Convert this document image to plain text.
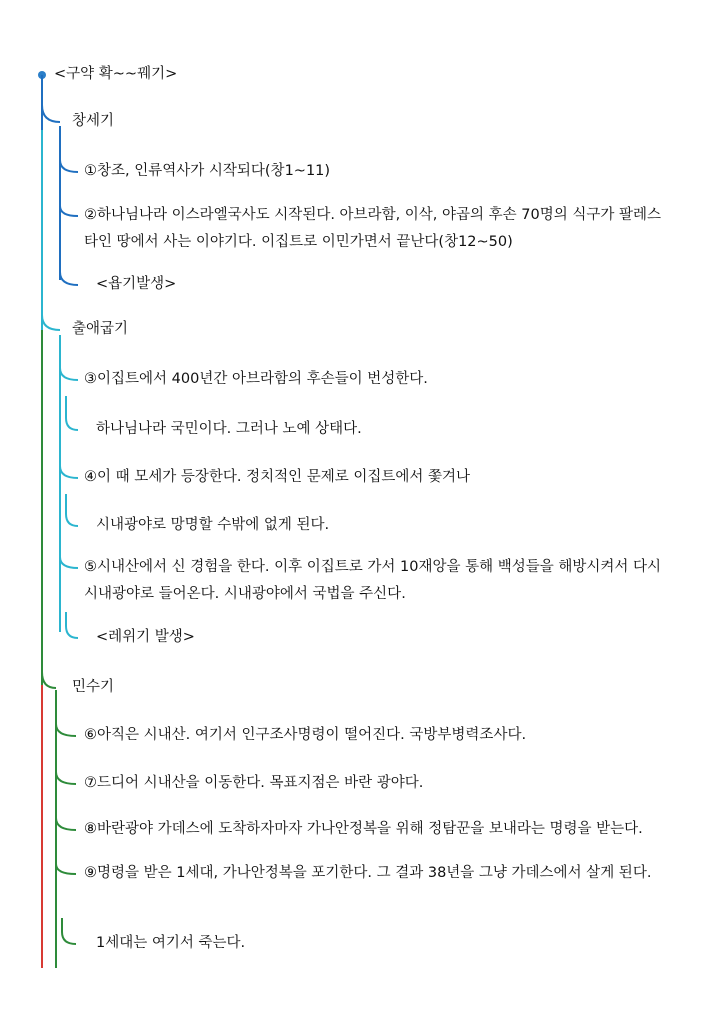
<구약 확~~꿰기>

창세기

①창조, 인류역사가 시작되다(창1~11)

②하나님나라 이스라엘국사도 시작된다. 아브라함, 이삭, 야곱의 후손 70명의 식구가 팔레스타인 땅에서 사는 이야기다. 이집트로 이민가면서 끝난다(창12~50)

<욥기발생>

출애굽기

③이집트에서 400년간 아브라함의 후손들이 번성한다.

하나님나라 국민이다. 그러나 노예 상태다.

④이 때 모세가 등장한다. 정치적인 문제로 이집트에서 쫓겨나

시내광야로 망명할 수밖에 없게 된다.

⑤시내산에서 신 경험을 한다. 이후 이집트로 가서 10재앙을 통해 백성들을 해방시켜서 다시 시내광야로 들어온다. 시내광야에서 국법을 주신다.

<레위기 발생>

민수기

⑥아직은 시내산. 여기서 인구조사명령이 떨어진다. 국방부병력조사다.

⑦드디어 시내산을 이동한다. 목표지점은 바란 광야다.

⑧바란광야 가데스에 도착하자마자 가나안정복을 위해 정탐꾼을 보내라는 명령을 받는다.

⑨명령을 받은 1세대, 가나안정복을 포기한다. 그 결과 38년을 그냥 가데스에서 살게 된다.

1세대는 여기서 죽는다.
